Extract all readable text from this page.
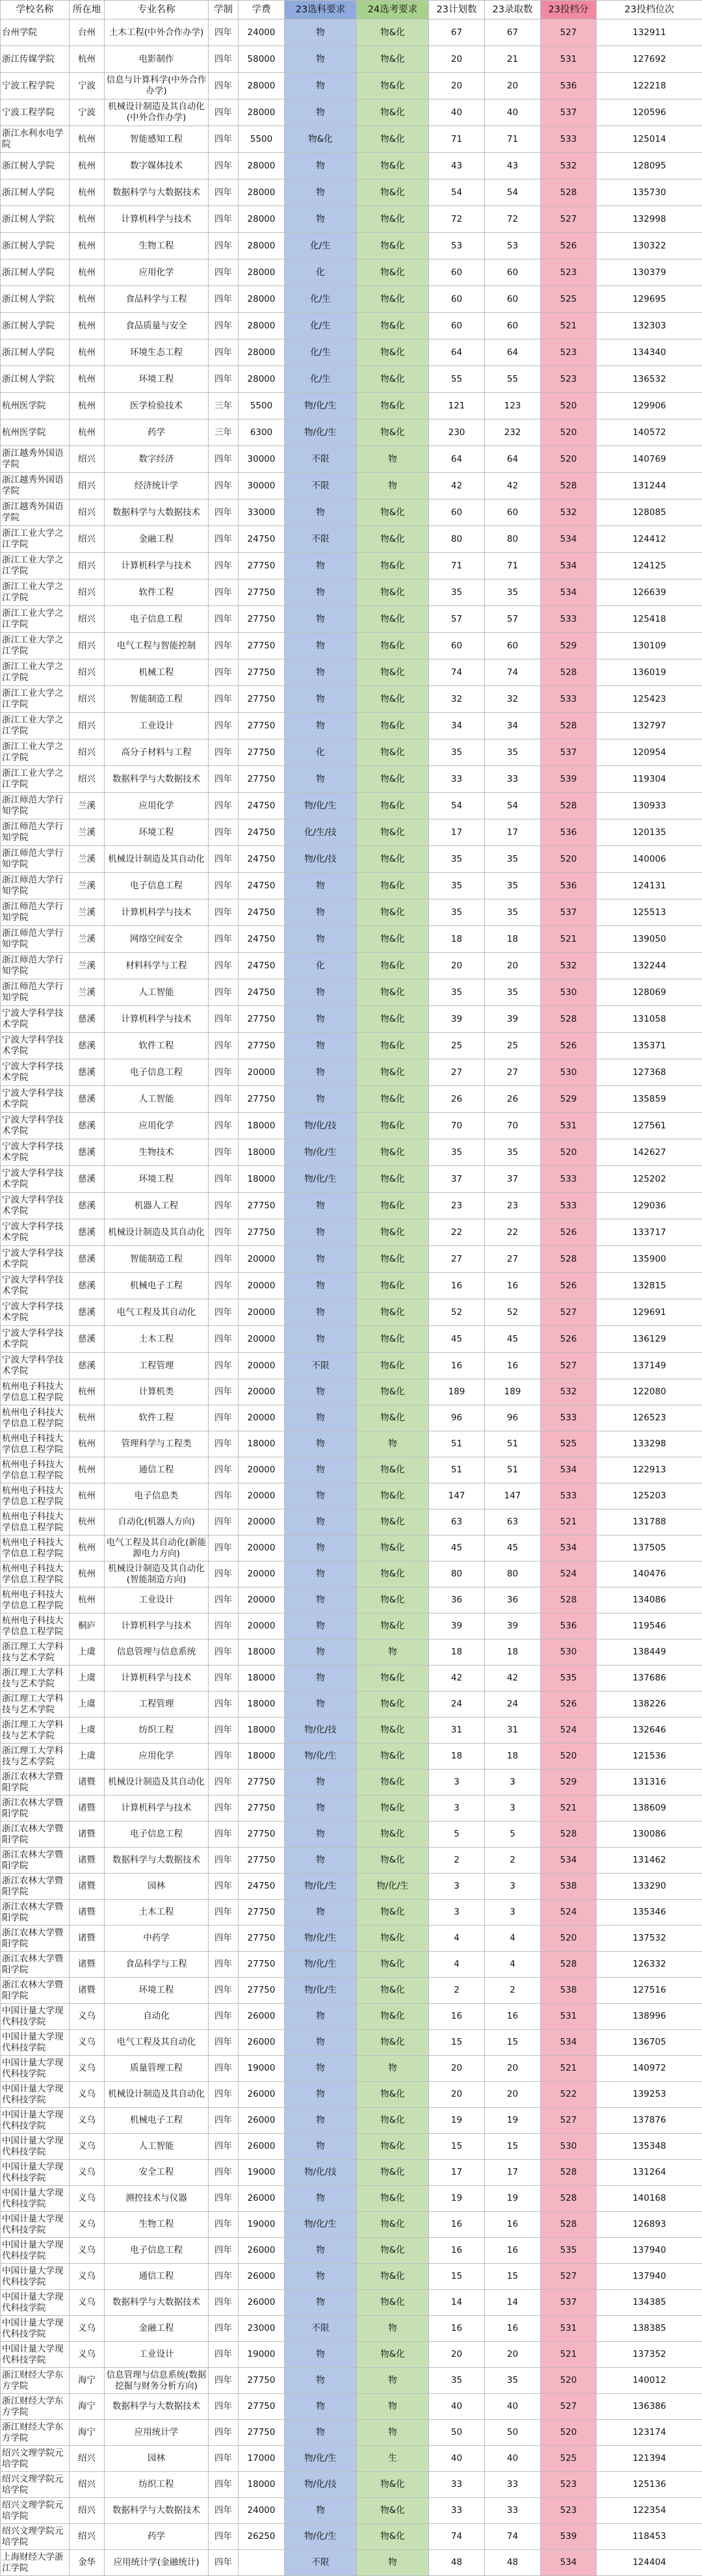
学校名称	所在地	专业名称	学制	学费	23选科要求	24选考要求	23计划数	23录取数	23投档分	23投档位次
台州学院	台州	土木工程(中外合作办学)	四年	24000	物	物&化	67	67	527	132911
浙江传媒学院	杭州	电影制作	四年	58000	物	物&化	20	21	531	127692
宁波工程学院	宁波	信息与计算科学(中外合作办学)	四年	28000	物	物&化	20	20	536	122218
宁波工程学院	宁波	机械设计制造及其自动化(中外合作办学)	四年	28000	物	物&化	40	40	537	120596
浙江水利水电学院	杭州	智能感知工程	四年	5500	物&化	物&化	71	71	533	125014
浙江树人学院	杭州	数字媒体技术	四年	28000	物	物&化	43	43	532	128095
浙江树人学院	杭州	数据科学与大数据技术	四年	28000	物	物&化	54	54	528	135730
浙江树人学院	杭州	计算机科学与技术	四年	28000	物	物&化	72	72	527	132998
浙江树人学院	杭州	生物工程	四年	28000	化/生	物&化	53	53	526	130322
浙江树人学院	杭州	应用化学	四年	28000	化	物&化	60	60	523	130379
浙江树人学院	杭州	食品科学与工程	四年	28000	化/生	物&化	60	60	525	129695
浙江树人学院	杭州	食品质量与安全	四年	28000	化/生	物&化	60	60	521	132303
浙江树人学院	杭州	环境生态工程	四年	28000	化/生	物&化	64	64	523	134340
浙江树人学院	杭州	环境工程	四年	28000	化/生	物&化	55	55	523	136532
杭州医学院	杭州	医学检验技术	三年	5500	物/化/生	物&化	121	123	520	129906
杭州医学院	杭州	药学	三年	6300	物/化/生	物&化	230	232	520	140572
浙江越秀外国语学院	绍兴	数字经济	四年	30000	不限	物	64	64	520	140769
浙江越秀外国语学院	绍兴	经济统计学	四年	30000	不限	物	42	42	528	131244
浙江越秀外国语学院	绍兴	数据科学与大数据技术	四年	33000	物	物&化	60	60	532	128085
浙江工业大学之江学院	绍兴	金融工程	四年	24750	不限	物&化	80	80	534	124412
浙江工业大学之江学院	绍兴	计算机科学与技术	四年	27750	物	物&化	71	71	534	124125
浙江工业大学之江学院	绍兴	软件工程	四年	27750	物	物&化	35	35	534	126639
浙江工业大学之江学院	绍兴	电子信息工程	四年	27750	物	物&化	57	57	533	125418
浙江工业大学之江学院	绍兴	电气工程与智能控制	四年	27750	物	物&化	60	60	529	130109
浙江工业大学之江学院	绍兴	机械工程	四年	27750	物	物&化	74	74	528	136019
浙江工业大学之江学院	绍兴	智能制造工程	四年	27750	物	物&化	32	32	533	125423
浙江工业大学之江学院	绍兴	工业设计	四年	27750	物	物&化	34	34	528	132797
浙江工业大学之江学院	绍兴	高分子材料与工程	四年	27750	化	物&化	35	35	537	120954
浙江工业大学之江学院	绍兴	数据科学与大数据技术	四年	27750	物	物&化	33	33	539	119304
浙江师范大学行知学院	兰溪	应用化学	四年	24750	物/化/生	物&化	54	54	528	130933
浙江师范大学行知学院	兰溪	环境工程	四年	24750	化/生/技	物&化	17	17	536	120135
浙江师范大学行知学院	兰溪	机械设计制造及其自动化	四年	24750	物/化/技	物&化	35	35	520	140006
浙江师范大学行知学院	兰溪	电子信息工程	四年	24750	物	物&化	35	35	536	124131
浙江师范大学行知学院	兰溪	计算机科学与技术	四年	24750	物	物&化	35	35	537	125513
浙江师范大学行知学院	兰溪	网络空间安全	四年	24750	物	物&化	18	18	521	139050
浙江师范大学行知学院	兰溪	材料科学与工程	四年	24750	化	物&化	20	20	532	132244
浙江师范大学行知学院	兰溪	人工智能	四年	24750	物	物&化	35	35	530	128069
宁波大学科学技术学院	慈溪	计算机科学与技术	四年	27750	物	物&化	39	39	528	131058
宁波大学科学技术学院	慈溪	软件工程	四年	27750	物	物&化	25	25	526	135371
宁波大学科学技术学院	慈溪	电子信息工程	四年	20000	物	物&化	27	27	530	127368
宁波大学科学技术学院	慈溪	人工智能	四年	27750	物	物&化	26	26	529	135859
宁波大学科学技术学院	慈溪	应用化学	四年	18000	物/化/技	物&化	70	70	531	127561
宁波大学科学技术学院	慈溪	生物技术	四年	18000	物/化/生	物&化	35	35	520	142627
宁波大学科学技术学院	慈溪	环境工程	四年	18000	物/化/生	物&化	37	37	533	125202
宁波大学科学技术学院	慈溪	机器人工程	四年	27750	物	物&化	23	23	533	129036
宁波大学科学技术学院	慈溪	机械设计制造及其自动化	四年	27750	物	物&化	22	22	526	133717
宁波大学科学技术学院	慈溪	智能制造工程	四年	20000	物	物&化	27	27	528	135900
宁波大学科学技术学院	慈溪	机械电子工程	四年	20000	物	物&化	16	16	526	132815
宁波大学科学技术学院	慈溪	电气工程及其自动化	四年	20000	物	物&化	52	52	527	129691
宁波大学科学技术学院	慈溪	土木工程	四年	20000	物	物&化	45	45	526	136129
宁波大学科学技术学院	慈溪	工程管理	四年	20000	不限	物&化	16	16	527	137149
杭州电子科技大学信息工程学院	杭州	计算机类	四年	20000	物	物&化	189	189	532	122080
杭州电子科技大学信息工程学院	杭州	软件工程	四年	20000	物	物&化	96	96	533	126523
杭州电子科技大学信息工程学院	杭州	管理科学与工程类	四年	18000	物	物	51	51	525	133298
杭州电子科技大学信息工程学院	杭州	通信工程	四年	20000	物	物&化	51	51	534	122913
杭州电子科技大学信息工程学院	杭州	电子信息类	四年	20000	物	物&化	147	147	533	125203
杭州电子科技大学信息工程学院	杭州	自动化(机器人方向)	四年	20000	物	物&化	63	63	521	131788
杭州电子科技大学信息工程学院	杭州	电气工程及其自动化(新能源电力方向)	四年	20000	物	物&化	45	45	534	137505
杭州电子科技大学信息工程学院	杭州	机械设计制造及其自动化(智能制造方向)	四年	20000	物	物&化	80	80	524	140476
杭州电子科技大学信息工程学院	杭州	工业设计	四年	20000	物	物&化	36	36	528	134086
杭州电子科技大学信息工程学院	桐庐	计算机科学与技术	四年	20000	物	物&化	39	39	536	119546
浙江理工大学科技与艺术学院	上虞	信息管理与信息系统	四年	18000	物	物	18	18	530	138449
浙江理工大学科技与艺术学院	上虞	计算机科学与技术	四年	18000	物	物&化	42	42	535	137686
浙江理工大学科技与艺术学院	上虞	工程管理	四年	18000	物	物&化	24	24	526	138226
浙江理工大学科技与艺术学院	上虞	纺织工程	四年	18000	物/化/技	物&化	31	31	524	132646
浙江理工大学科技与艺术学院	上虞	应用化学	四年	18000	物/化/生	物&化	18	18	520	121536
浙江农林大学暨阳学院	诸暨	机械设计制造及其自动化	四年	27750	物	物&化	3	3	529	131316
浙江农林大学暨阳学院	诸暨	计算机科学与技术	四年	27750	物	物&化	3	3	521	138609
浙江农林大学暨阳学院	诸暨	电子信息工程	四年	27750	物	物&化	5	5	528	130086
浙江农林大学暨阳学院	诸暨	数据科学与大数据技术	四年	27750	物	物&化	2	2	534	131462
浙江农林大学暨阳学院	诸暨	园林	四年	24750	物/化/生	物/化/生	3	3	538	133290
浙江农林大学暨阳学院	诸暨	土木工程	四年	27750	物	物&化	3	3	524	135346
浙江农林大学暨阳学院	诸暨	中药学	四年	27750	物/化/生	物&化	4	4	520	137532
浙江农林大学暨阳学院	诸暨	食品科学与工程	四年	27750	物/化/生	物&化	4	4	528	126332
浙江农林大学暨阳学院	诸暨	环境工程	四年	27750	物/化/生	物&化	2	2	538	127516
中国计量大学现代科技学院	义乌	自动化	四年	26000	物	物&化	16	16	531	138996
中国计量大学现代科技学院	义乌	电气工程及其自动化	四年	26000	物	物&化	15	15	534	136705
中国计量大学现代科技学院	义乌	质量管理工程	四年	19000	物	物	20	20	521	140972
中国计量大学现代科技学院	义乌	机械设计制造及其自动化	四年	26000	物	物&化	20	20	522	139253
中国计量大学现代科技学院	义乌	机械电子工程	四年	26000	物	物&化	19	19	527	137876
中国计量大学现代科技学院	义乌	人工智能	四年	26000	物	物&化	15	15	530	135348
中国计量大学现代科技学院	义乌	安全工程	四年	19000	物/化/技	物&化	17	17	528	131264
中国计量大学现代科技学院	义乌	测控技术与仪器	四年	26000	物	物&化	19	19	528	140168
中国计量大学现代科技学院	义乌	生物工程	四年	19000	物/化/生	物&化	16	16	528	126893
中国计量大学现代科技学院	义乌	电子信息工程	四年	26000	物	物&化	16	16	535	137940
中国计量大学现代科技学院	义乌	通信工程	四年	26000	物	物&化	15	15	527	137940
中国计量大学现代科技学院	义乌	数据科学与大数据技术	四年	26000	物	物&化	14	14	537	134385
中国计量大学现代科技学院	义乌	金融工程	四年	23000	不限	物	16	16	531	138385
中国计量大学现代科技学院	义乌	工业设计	四年	19000	物	物&化	20	20	521	137352
浙江财经大学东方学院	海宁	信息管理与信息系统(数据挖掘与财务分析方向)	四年	27750	物	物	35	35	520	140012
浙江财经大学东方学院	海宁	数据科学与大数据技术	四年	27750	物	物	40	40	527	136386
浙江财经大学东方学院	海宁	应用统计学	四年	27750	物	物	50	50	520	123174
绍兴文理学院元培学院	绍兴	园林	四年	17000	物/化/生	生	40	40	525	121394
绍兴文理学院元培学院	绍兴	纺织工程	四年	18000	物/化/技	物&化	33	33	523	125136
绍兴文理学院元培学院	绍兴	数据科学与大数据技术	四年	24000	物	物&化	33	33	523	122354
绍兴文理学院元培学院	绍兴	药学	四年	26250	物/化/生	物&化	74	74	539	118453
上海财经大学浙江学院	金华	应用统计学(金融统计)	四年		不限	物	48	48	534	124404
